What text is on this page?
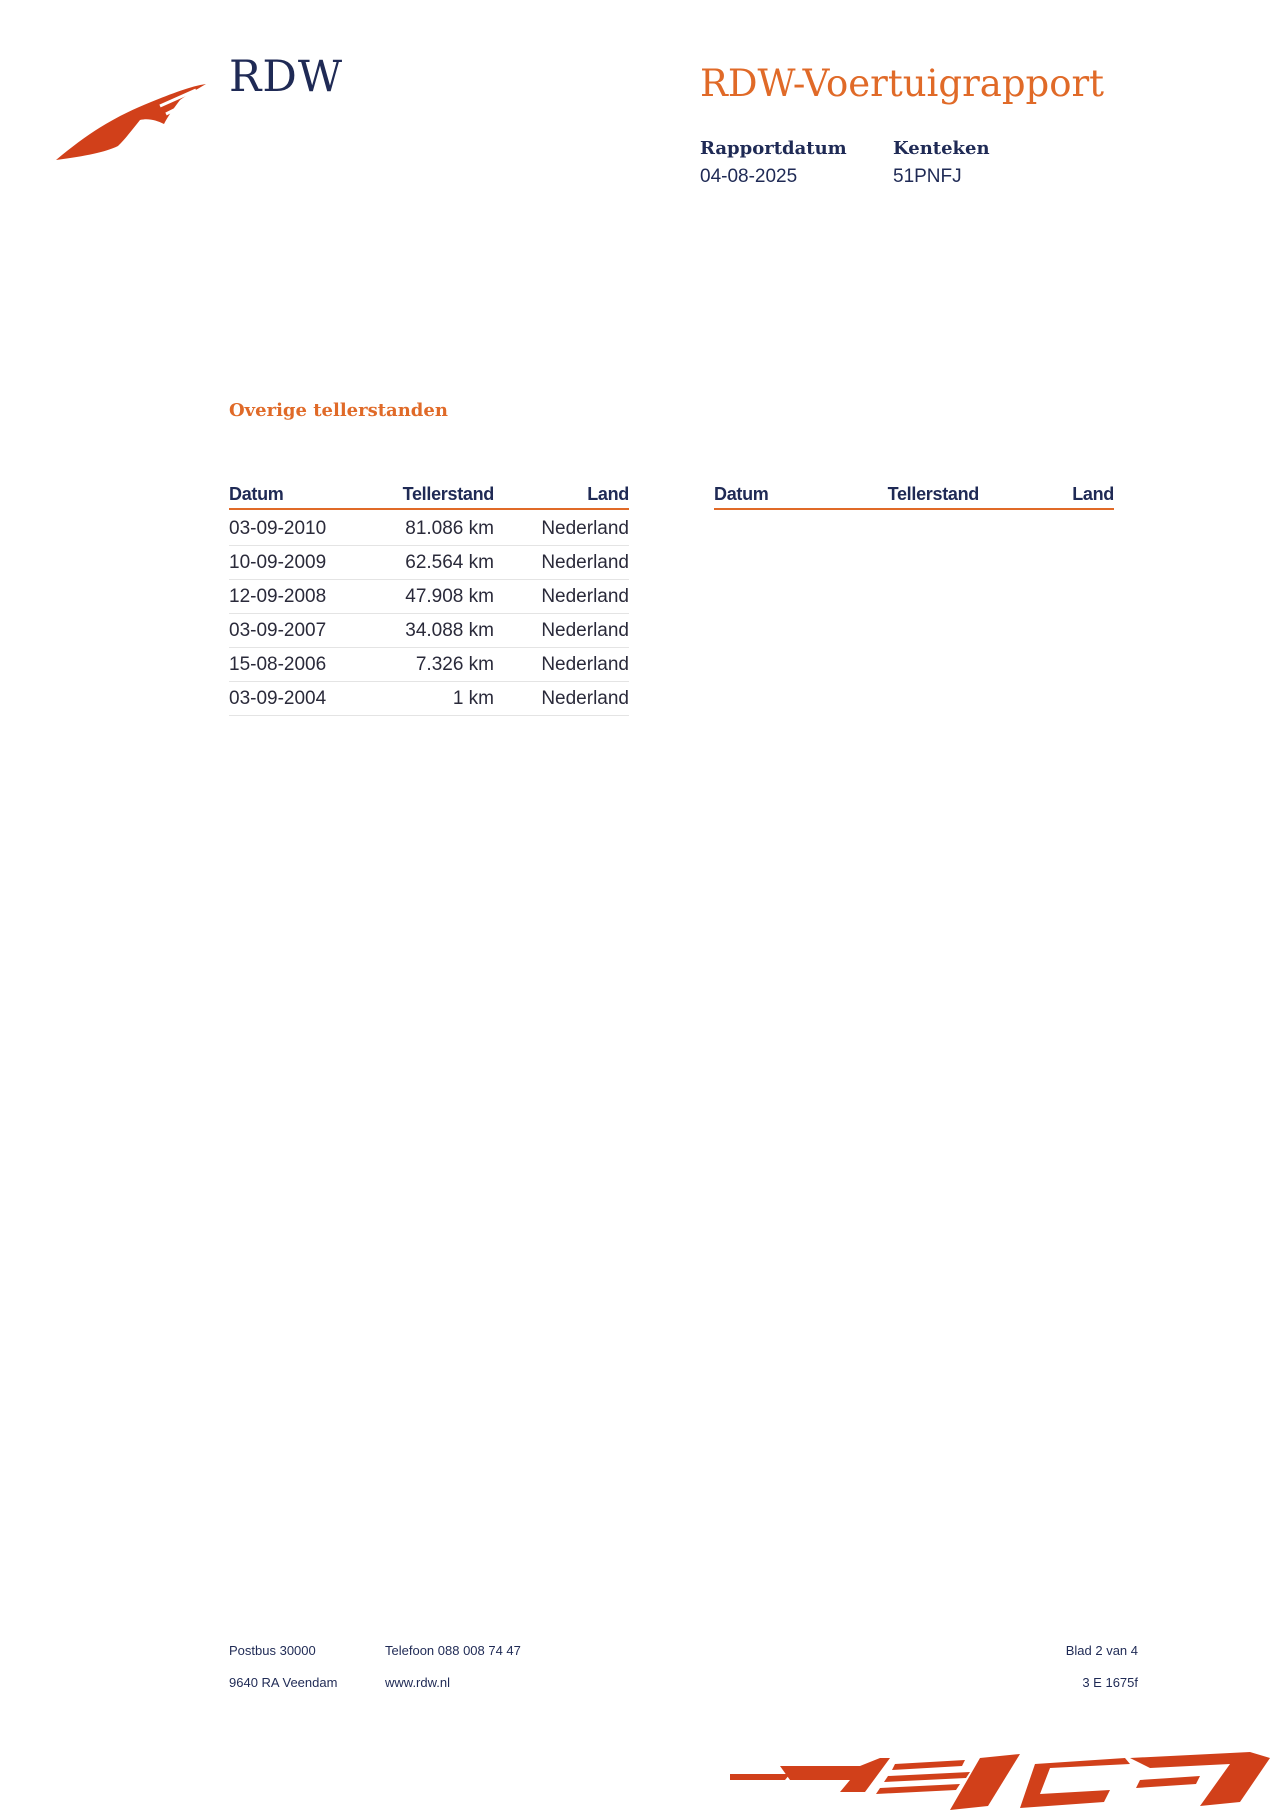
RDW	RDW-Voertuigrapport
Rapportdatum
04-08-2025
Kenteken
51PNFJ
Overige tellerstanden
Datum	Tellerstand	Land
03-09-2010	81.086 km	Nederland
10-09-2009	62.564 km	Nederland
12-09-2008	47.908 km	Nederland
03-09-2007	34.088 km	Nederland
15-08-2006	7.326 km	Nederland
03-09-2004	1 km	Nederland
Datum	Tellerstand	Land
Postbus 30000
9640 RA Veendam
Telefoon 088 008 74 47
www.rdw.nl
Blad 2 van 4
3 E 1675f
